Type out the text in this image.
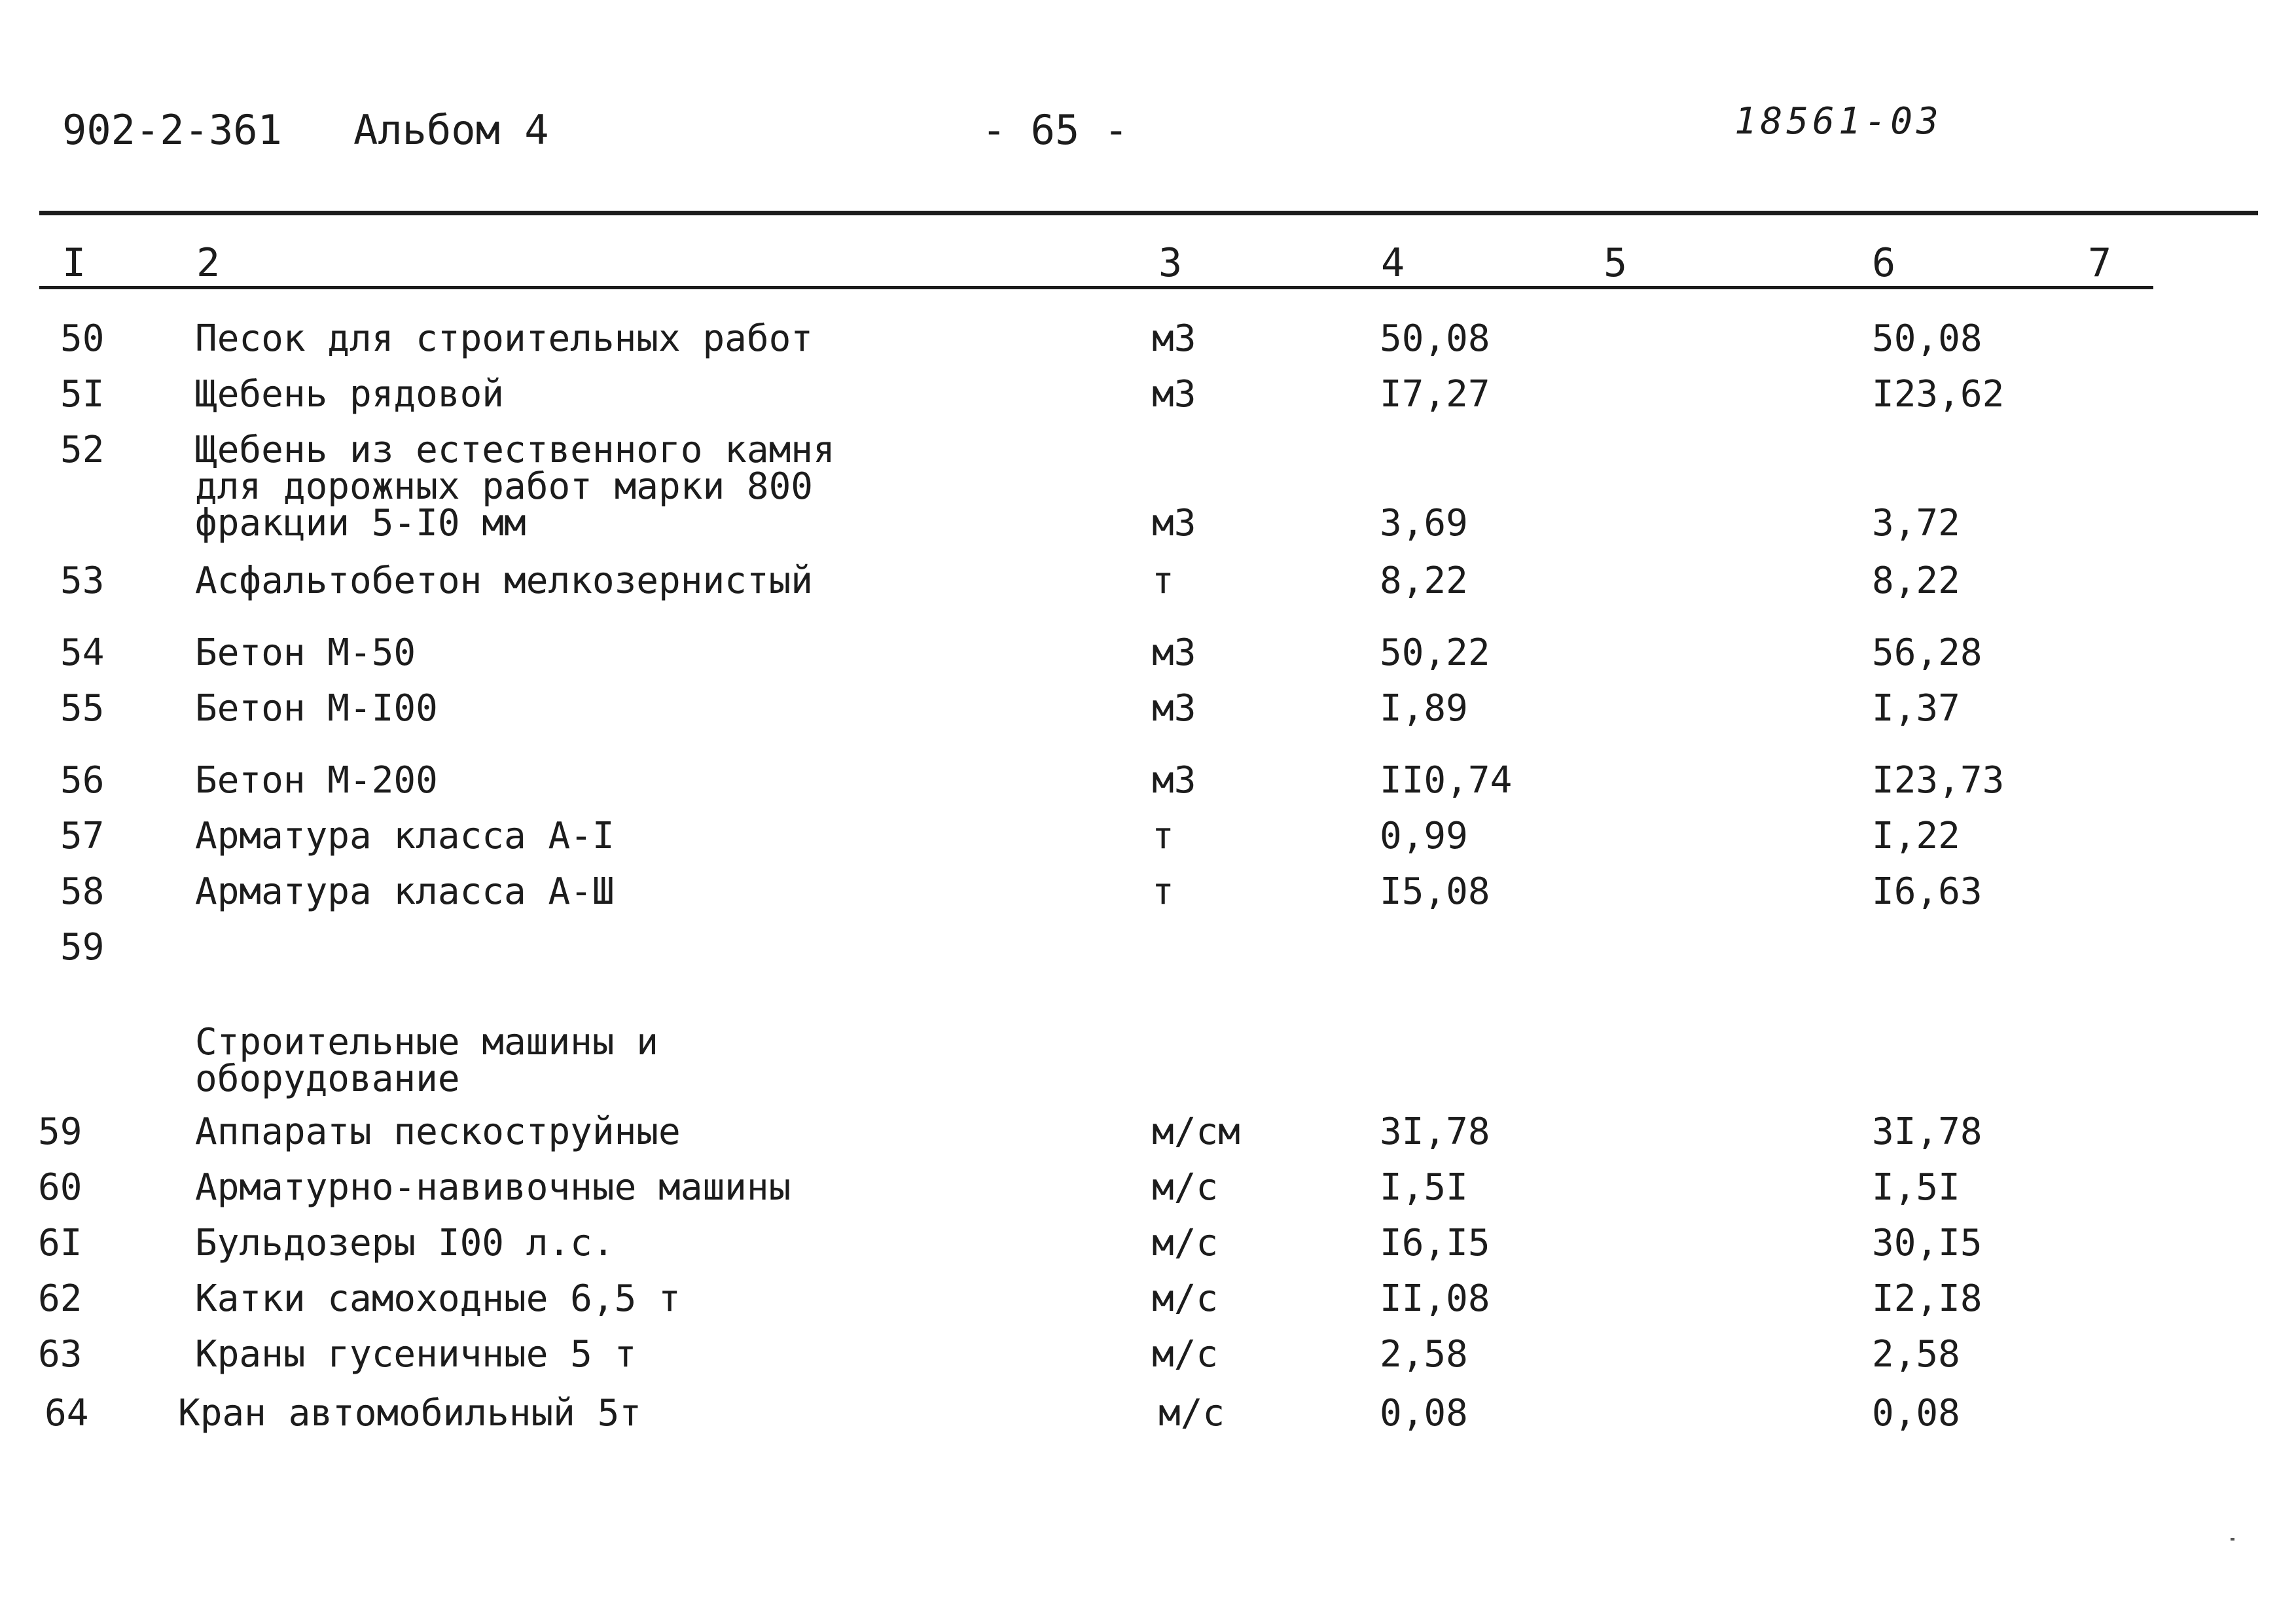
902-2-361 Альбом 4	- 65 -	18561-03
I	2	3	4	5	6	7
50 Песок для строительных работ	м3	50,08	50,08
5I Щебень рядовой	м3	I7,27	I23,62
52 Щебень из естественного камня
для дорожных работ марки 800
фракции 5-I0 мм	м3	3,69	3,72
53 Асфальтобетон мелкозернистый	т	8,22	8,22
54 Бетон М-50	м3	50,22	56,28
55 Бетон М-I00	м3	I,89	I,37
56 Бетон М-200	м3	II0,74	I23,73
57 Арматура класса А-I	т	0,99	I,22
58 Арматура класса А-Ш	т	I5,08	I6,63
59
Строительные машины и
оборудование
59	Аппараты пескоструйные	м/см	3I,78	3I,78
60	Арматурно-навивочные машины	м/с	I,5I	I,5I
6I	Бульдозеры I00 л.с.	м/с	I6,I5	30,I5
62	Катки самоходные 6,5 т	м/с	II,08	I2,I8
63	Краны гусеничные 5 т	м/с	2,58	2,58
64 Кран автомобильный 5т	м/с	0,08	0,08
